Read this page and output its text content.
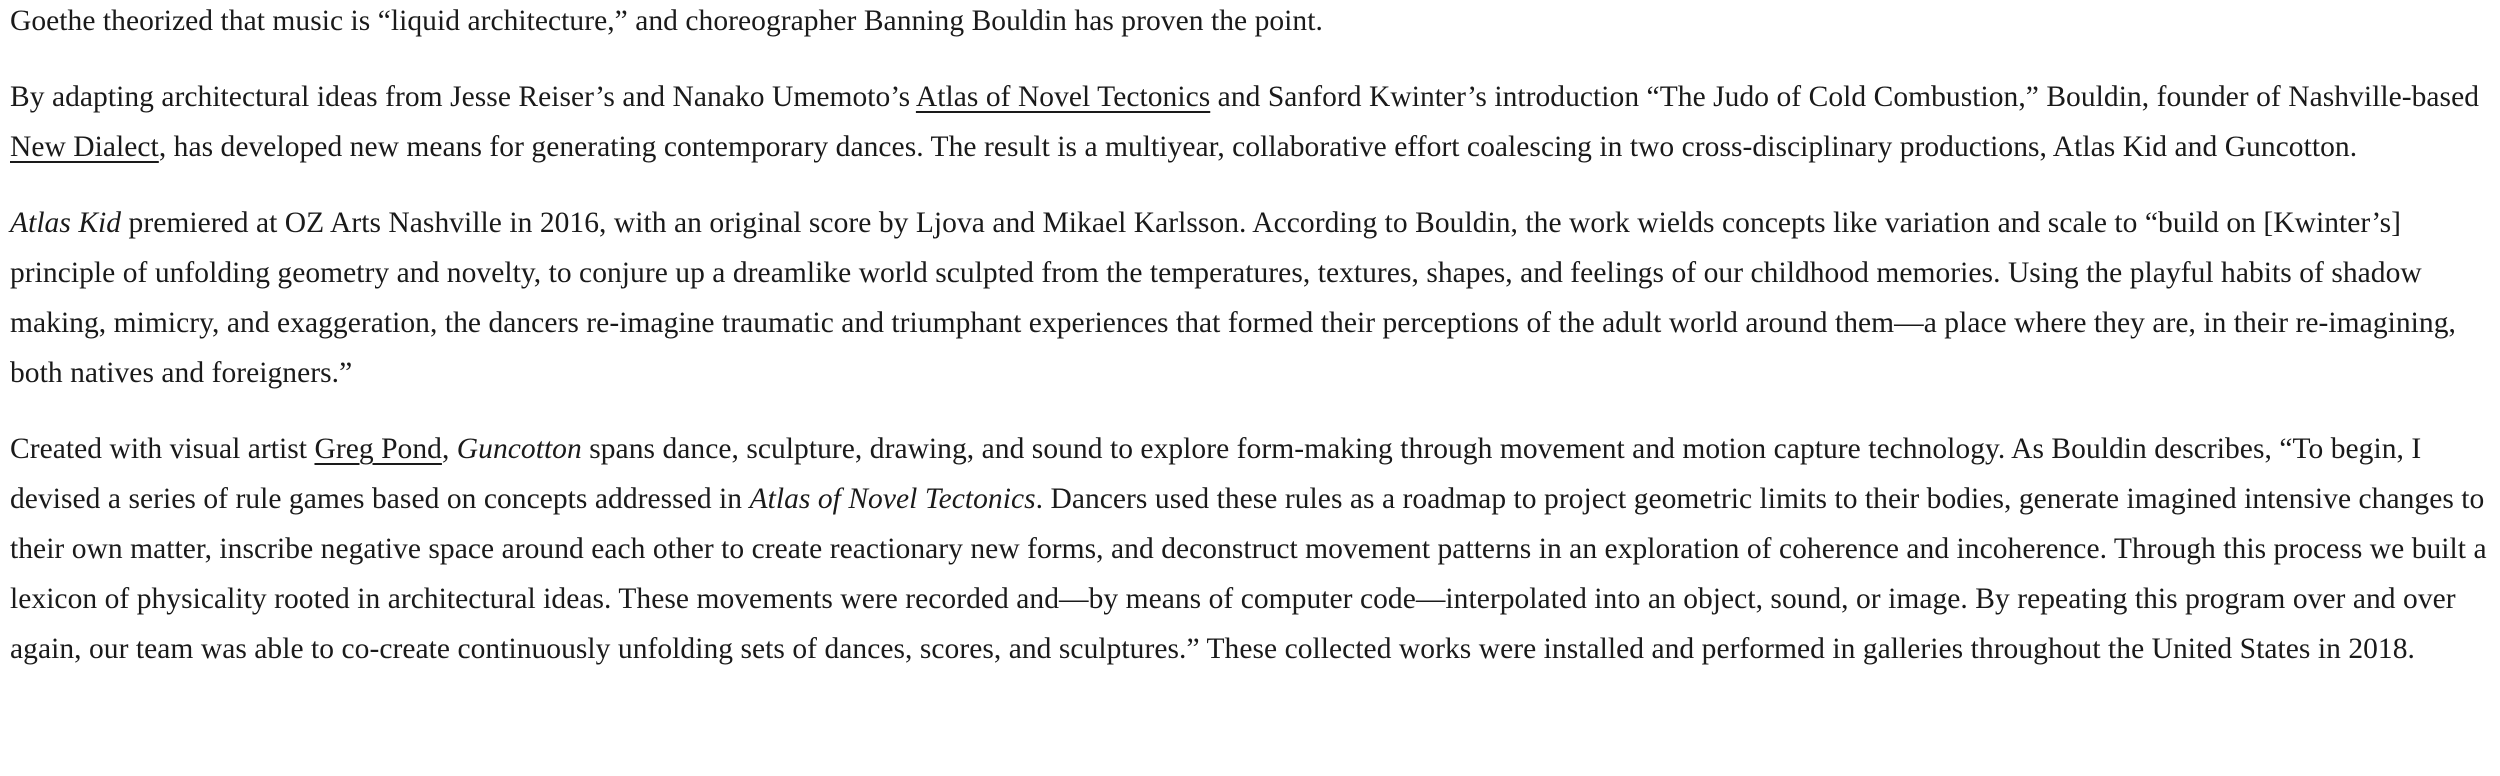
Goethe theorized that music is “liquid architecture,” and choreographer Banning Bouldin has proven the point.

By adapting architectural ideas from Jesse Reiser’s and Nanako Umemoto’s Atlas of Novel Tectonics and Sanford Kwinter’s introduction “The Judo of Cold Combustion,” Bouldin, founder of Nashville-based New Dialect, has developed new means for generating contemporary dances. The result is a multiyear, collaborative effort coalescing in two cross-disciplinary productions, Atlas Kid and Guncotton.

Atlas Kid premiered at OZ Arts Nashville in 2016, with an original score by Ljova and Mikael Karlsson. According to Bouldin, the work wields concepts like variation and scale to “build on [Kwinter’s] principle of unfolding geometry and novelty, to conjure up a dreamlike world sculpted from the temperatures, textures, shapes, and feelings of our childhood memories. Using the playful habits of shadow making, mimicry, and exaggeration, the dancers re-imagine traumatic and triumphant experiences that formed their perceptions of the adult world around them—a place where they are, in their re-imagining, both natives and foreigners.”

Created with visual artist Greg Pond, Guncotton spans dance, sculpture, drawing, and sound to explore form-making through movement and motion capture technology. As Bouldin describes, “To begin, I devised a series of rule games based on concepts addressed in Atlas of Novel Tectonics. Dancers used these rules as a roadmap to project geometric limits to their bodies, generate imagined intensive changes to their own matter, inscribe negative space around each other to create reactionary new forms, and deconstruct movement patterns in an exploration of coherence and incoherence. Through this process we built a lexicon of physicality rooted in architectural ideas. These movements were recorded and—by means of computer code—interpolated into an object, sound, or image. By repeating this program over and over again, our team was able to co-create continuously unfolding sets of dances, scores, and sculptures.” These collected works were installed and performed in galleries throughout the United States in 2018.
